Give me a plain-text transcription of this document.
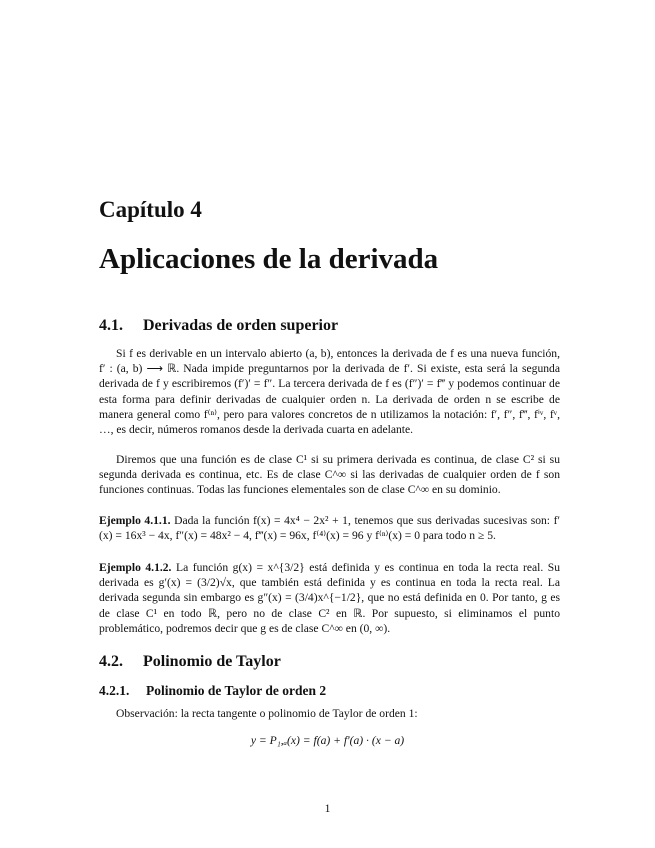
Capítulo 4
Aplicaciones de la derivada
4.1. Derivadas de orden superior

Si f es derivable en un intervalo abierto (a, b), entonces la derivada de f es una nueva función, f′ : (a, b) ⟶ ℝ. Nada impide preguntarnos por la derivada de f′. Si existe, esta será la segunda derivada de f y escribiremos (f′)′ = f″. La tercera derivada de f es (f″)′ = f‴ y podemos continuar de esta forma para definir derivadas de cualquier orden n. La derivada de orden n se escribe de manera general como f⁽ⁿ⁾, pero para valores concretos de n utilizamos la notación: f′, f″, f‴, fⁱᵛ, fᵛ, …, es decir, números romanos desde la derivada cuarta en adelante.

Diremos que una función es de clase C¹ si su primera derivada es continua, de clase C² si su segunda derivada es continua, etc. Es de clase C^∞ si las derivadas de cualquier orden de f son funciones continuas. Todas las funciones elementales son de clase C^∞ en su dominio.

Ejemplo 4.1.1. Dada la función f(x) = 4x⁴ − 2x² + 1, tenemos que sus derivadas sucesivas son: f′(x) = 16x³ − 4x, f″(x) = 48x² − 4, f‴(x) = 96x, f⁽⁴⁾(x) = 96 y f⁽ⁿ⁾(x) = 0 para todo n ≥ 5.

Ejemplo 4.1.2. La función g(x) = x^{3/2} está definida y es continua en toda la recta real. Su derivada es g′(x) = (3/2)√x, que también está definida y es continua en toda la recta real. La derivada segunda sin embargo es g″(x) = (3/4)x^{−1/2}, que no está definida en 0. Por tanto, g es de clase C¹ en todo ℝ, pero no de clase C² en ℝ. Por supuesto, si eliminamos el punto problemático, podremos decir que g es de clase C^∞ en (0, ∞).

4.2. Polinomio de Taylor
4.2.1. Polinomio de Taylor de orden 2

Observación: la recta tangente o polinomio de Taylor de orden 1:

y = P₁,ₐ(x) = f(a) + f′(a) · (x − a)
1
